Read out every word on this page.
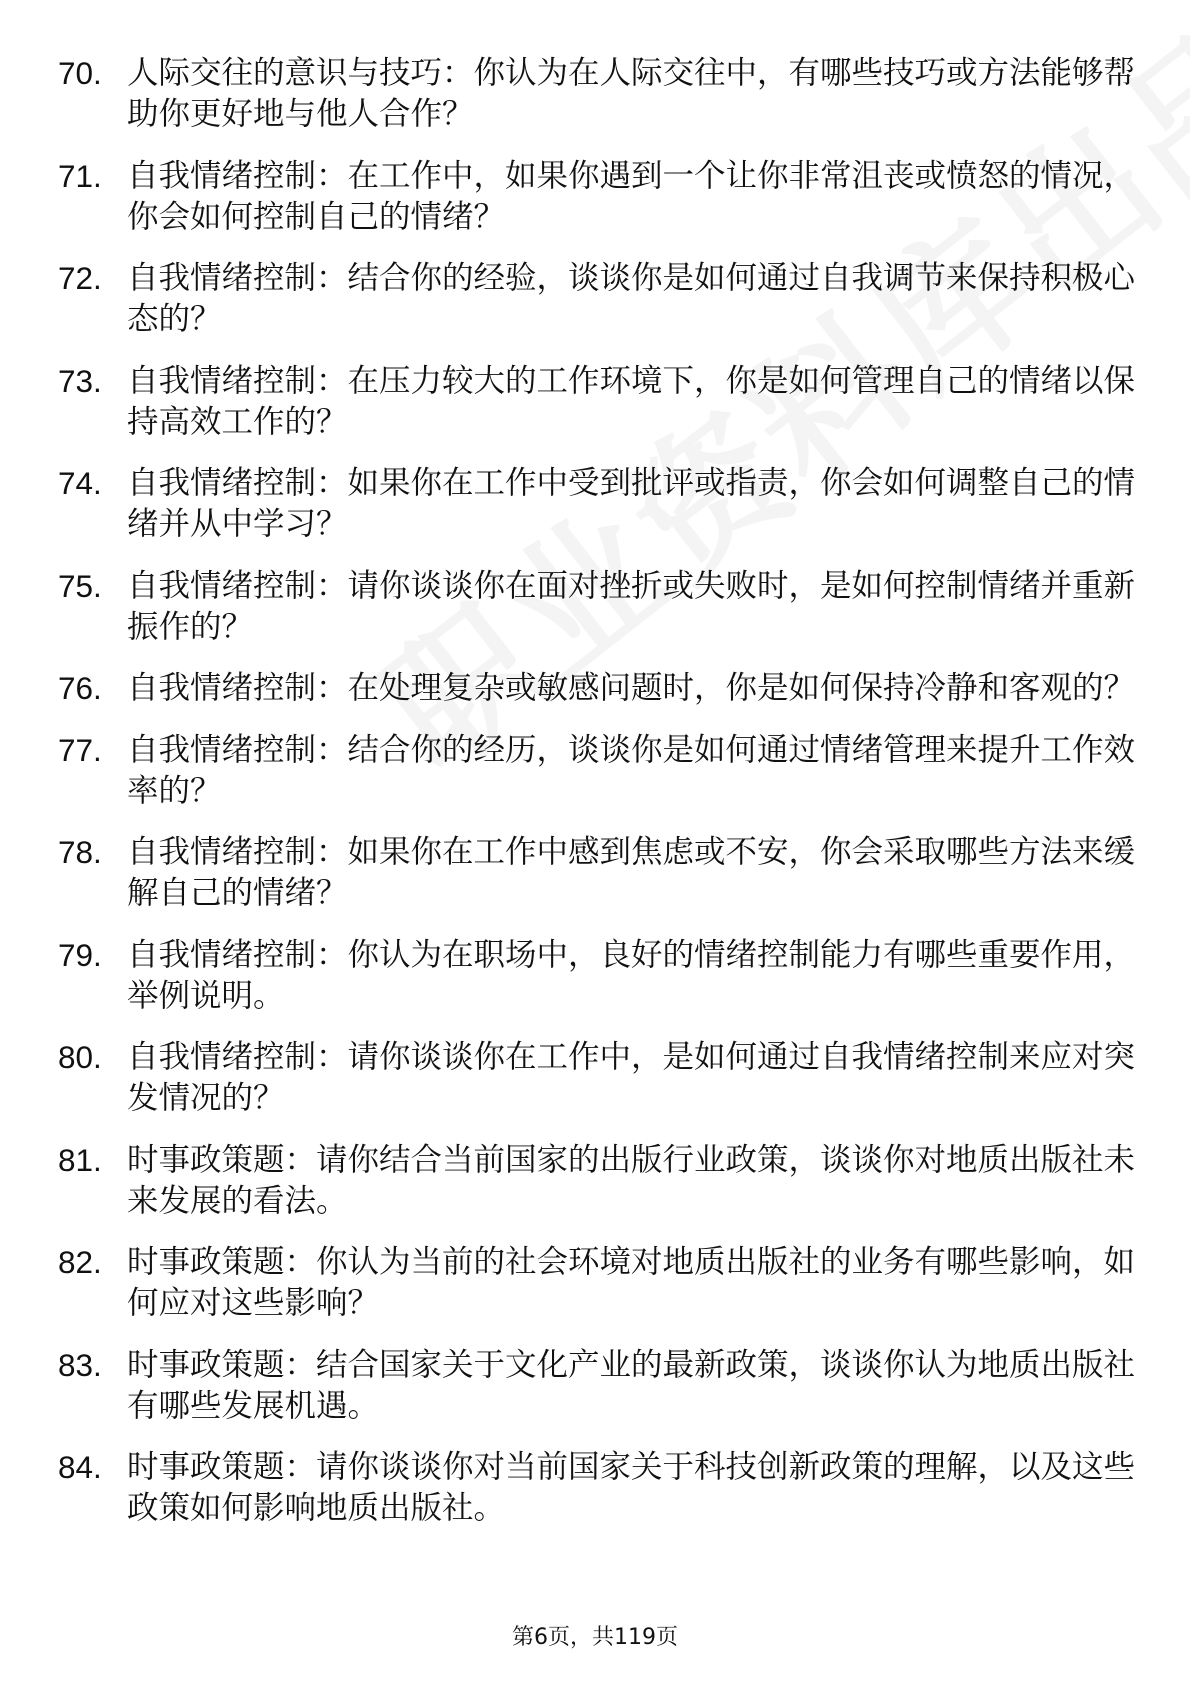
70. 人际交往的意识与技巧：你认为在人际交往中，有哪些技巧或方法能够帮助你更好地与他人合作？
71. 自我情绪控制：在工作中，如果你遇到一个让你非常沮丧或愤怒的情况，你会如何控制自己的情绪？
72. 自我情绪控制：结合你的经验，谈谈你是如何通过自我调节来保持积极心态的？
73. 自我情绪控制：在压力较大的工作环境下，你是如何管理自己的情绪以保持高效工作的？
74. 自我情绪控制：如果你在工作中受到批评或指责，你会如何调整自己的情绪并从中学习？
75. 自我情绪控制：请你谈谈你在面对挫折或失败时，是如何控制情绪并重新振作的？
76. 自我情绪控制：在处理复杂或敏感问题时，你是如何保持冷静和客观的？
77. 自我情绪控制：结合你的经历，谈谈你是如何通过情绪管理来提升工作效率的？
78. 自我情绪控制：如果你在工作中感到焦虑或不安，你会采取哪些方法来缓解自己的情绪？
79. 自我情绪控制：你认为在职场中，良好的情绪控制能力有哪些重要作用，举例说明。
80. 自我情绪控制：请你谈谈你在工作中，是如何通过自我情绪控制来应对突发情况的？
81. 时事政策题：请你结合当前国家的出版行业政策，谈谈你对地质出版社未来发展的看法。
82. 时事政策题：你认为当前的社会环境对地质出版社的业务有哪些影响，如何应对这些影响？
83. 时事政策题：结合国家关于文化产业的最新政策，谈谈你认为地质出版社有哪些发展机遇。
84. 时事政策题：请你谈谈你对当前国家关于科技创新政策的理解，以及这些政策如何影响地质出版社。
第6页，共119页
